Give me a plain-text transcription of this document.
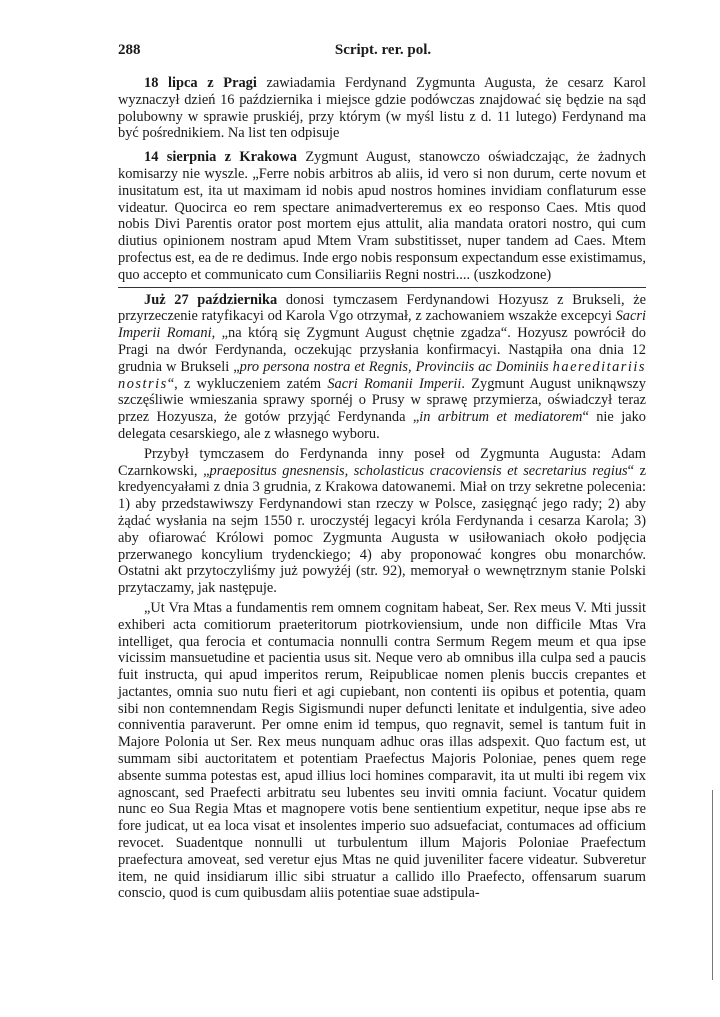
288	Script. rer. pol.

18 lipca z Pragi zawiadamia Ferdynand Zygmunta Augusta, że cesarz Karol wyznaczył dzień 16 października i miejsce gdzie podówczas znajdować się będzie na sąd polubowny w sprawie pruskiéj, przy którym (w myśl listu z d. 11 lutego) Ferdynand ma być pośrednikiem. Na list ten odpisuje

14 sierpnia z Krakowa Zygmunt August, stanowczo oświadczając, że żadnych komisarzy nie wyszle. „Ferre nobis arbitros ab aliis, id vero si non durum, certe novum et inusitatum est, ita ut maximam id nobis apud nostros homines invidiam conflaturum esse videatur. Quocirca eo rem spectare animadverteremus ex eo responso Caes. Mtis quod nobis Divi Parentis orator post mortem ejus attulit, alia mandata oratori nostro, qui cum diutius opinionem nostram apud Mtem Vram substitisset, nuper tandem ad Caes. Mtem profectus est, ea de re dedimus. Inde ergo nobis responsum expectandum esse existimamus, quo accepto et communicato cum Consiliariis Regni nostri.... (uszkodzone)

Już 27 października donosi tymczasem Ferdynandowi Hozyusz z Brukseli, że przyrzeczenie ratyfikacyi od Karola Vgo otrzymał, z zachowaniem wszakże excepcyi Sacri Imperii Romani, „na którą się Zygmunt August chętnie zgadza“. Hozyusz powrócił do Pragi na dwór Ferdynanda, oczekując przysłania konfirmacyi. Nastąpiła ona dnia 12 grudnia w Brukseli „pro persona nostra et Regnis, Provinciis ac Dominiis haereditariis nostris“, z wykluczeniem zatém Sacri Romanii Imperii. Zygmunt August uniknąwszy szczęśliwie wmieszania sprawy spornéj o Prusy w sprawę przymierza, oświadczył teraz przez Hozyusza, że gotów przyjąć Ferdynanda „in arbitrum et mediatorem“ nie jako delegata cesarskiego, ale z własnego wyboru.

Przybył tymczasem do Ferdynanda inny poseł od Zygmunta Augusta: Adam Czarnkowski, „praepositus gnesnensis, scholasticus cracoviensis et secretarius regius“ z kredyencyałami z dnia 3 grudnia, z Krakowa datowanemi. Miał on trzy sekretne polecenia: 1) aby przedstawiwszy Ferdynandowi stan rzeczy w Polsce, zasięgnąć jego rady; 2) aby żądać wysłania na sejm 1550 r. uroczystéj legacyi króla Ferdynanda i cesarza Karola; 3) aby ofiarować Królowi pomoc Zygmunta Augusta w usiłowaniach około podjęcia przerwanego koncylium trydenckiego; 4) aby proponować kongres obu monarchów. Ostatni akt przytoczyliśmy już powyżéj (str. 92), memoryał o wewnętrznym stanie Polski przytaczamy, jak następuje.

„Ut Vra Mtas a fundamentis rem omnem cognitam habeat, Ser. Rex meus V. Mti jussit exhiberi acta comitiorum praeteritorum piotrkoviensium, unde non difficile Mtas Vra intelliget, qua ferocia et contumacia nonnulli contra Sermum Regem meum et qua ipse vicissim mansuetudine et pacientia usus sit. Neque vero ab omnibus illa culpa sed a paucis fuit instructa, qui apud imperitos rerum, Reipublicae nomen plenis buccis crepantes et jactantes, omnia suo nutu fieri et agi cupiebant, non contenti iis opibus et potentia, quam sibi non contemnendam Regis Sigismundi nuper defuncti lenitate et indulgentia, sive adeo conniventia paraverunt. Per omne enim id tempus, quo regnavit, semel is tantum fuit in Majore Polonia ut Ser. Rex meus nunquam adhuc oras illas adspexit. Quo factum est, ut summam sibi auctoritatem et potentiam Praefectus Majoris Poloniae, penes quem rege absente summa potestas est, apud illius loci homines comparavit, ita ut multi ibi regem vix agnoscant, sed Praefecti arbitratu seu lubentes seu inviti omnia faciunt. Vocatur quidem nunc eo Sua Regia Mtas et magnopere votis bene sentientium expetitur, neque ipse abs re fore judicat, ut ea loca visat et insolentes imperio suo adsuefaciat, contumaces ad officium revocet. Suadentque nonnulli ut turbulentum illum Majoris Poloniae Praefectum praefectura amoveat, sed veretur ejus Mtas ne quid juveniliter facere videatur. Subveretur item, ne quid insidiarum illic sibi struatur a callido illo Praefecto, offensarum suarum conscio, quod is cum quibusdam aliis potentiae suae adstipula-
